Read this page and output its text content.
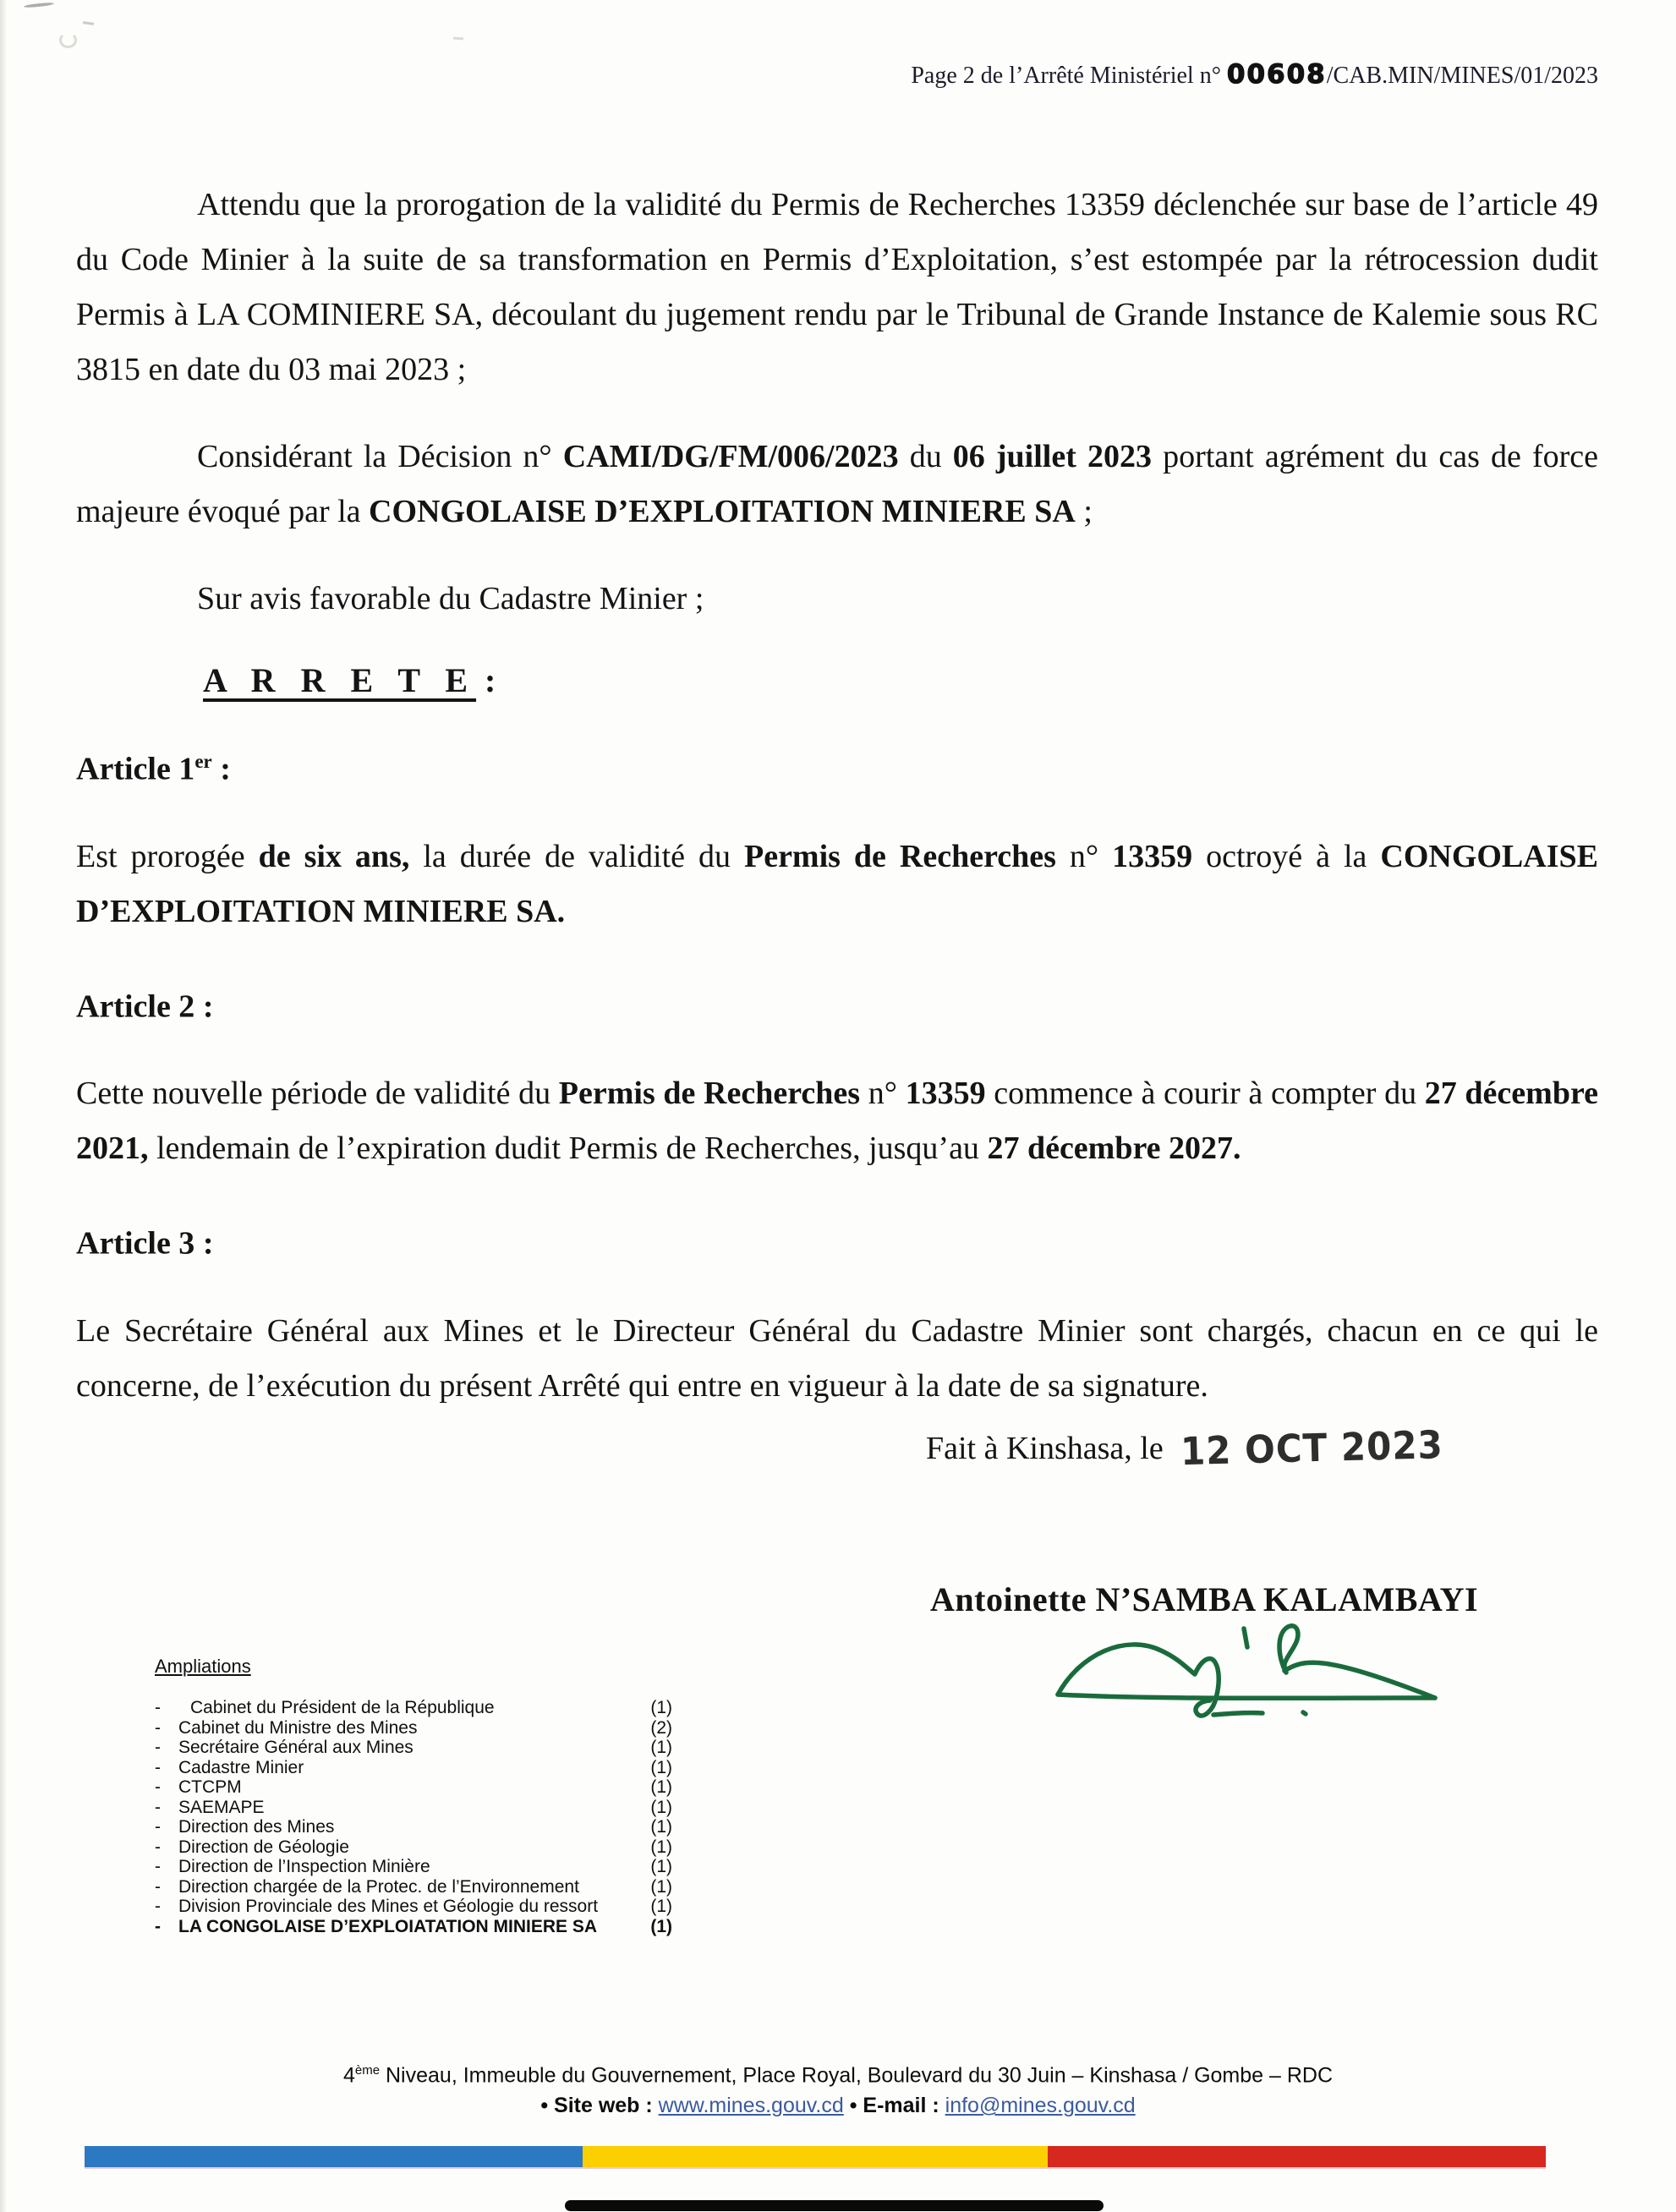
Page 2 de l’Arrêté Ministériel n° 00608/CAB.MIN/MINES/01/2023

Attendu que la prorogation de la validité du Permis de Recherches 13359 déclenchée sur base de l’article 49 du Code Minier à la suite de sa transformation en Permis d’Exploitation, s’est estompée par la rétrocession dudit Permis à LA COMINIERE SA, découlant du jugement rendu par le Tribunal de Grande Instance de Kalemie sous RC 3815 en date du 03 mai 2023 ;

Considérant la Décision n° CAMI/DG/FM/006/2023 du 06 juillet 2023 portant agrément du cas de force majeure évoqué par la CONGOLAISE D’EXPLOITATION MINIERE SA ;

Sur avis favorable du Cadastre Minier ;

A R R E T E :

Article 1er :

Est prorogée de six ans, la durée de validité du Permis de Recherches n° 13359 octroyé à la CONGOLAISE D’EXPLOITATION MINIERE SA.

Article 2 :

Cette nouvelle période de validité du Permis de Recherches n° 13359 commence à courir à compter du 27 décembre 2021, lendemain de l’expiration dudit Permis de Recherches, jusqu’au 27 décembre 2027.

Article 3 :

Le Secrétaire Général aux Mines et le Directeur Général du Cadastre Minier sont chargés, chacun en ce qui le concerne, de l’exécution du présent Arrêté qui entre en vigueur à la date de sa signature.

Fait à Kinshasa, le 12 OCT 2023
Antoinette N’SAMBA KALAMBAYI
Ampliations
-	Cabinet du Président de la République	(1)
-	Cabinet du Ministre des Mines	(2)
-	Secrétaire Général aux Mines	(1)
-	Cadastre Minier	(1)
-	CTCPM	(1)
-	SAEMAPE	(1)
-	Direction des Mines	(1)
-	Direction de Géologie	(1)
-	Direction de l’Inspection Minière	(1)
-	Direction chargée de la Protec. de l’Environnement	(1)
-	Division Provinciale des Mines et Géologie du ressort	(1)
-	LA CONGOLAISE D’EXPLOIATATION MINIERE SA	(1)
4ème Niveau, Immeuble du Gouvernement, Place Royal, Boulevard du 30 Juin – Kinshasa / Gombe – RDC
• Site web : www.mines.gouv.cd • E-mail : info@mines.gouv.cd
